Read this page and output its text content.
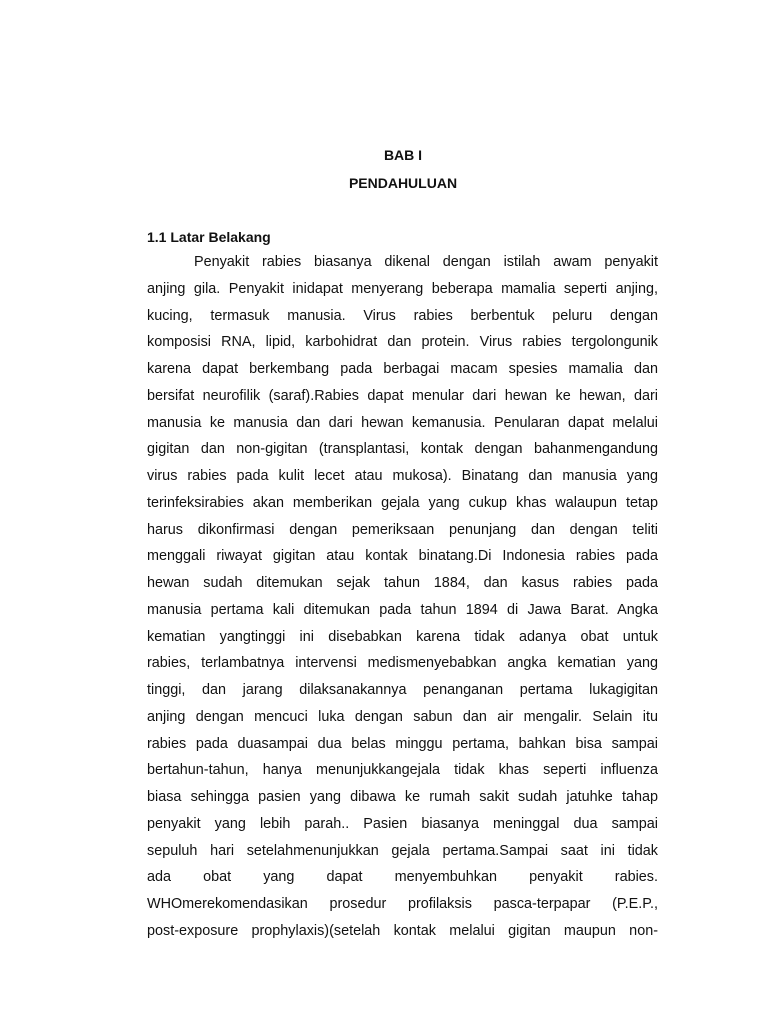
BAB I
PENDAHULUAN
1.1 Latar Belakang
Penyakit rabies biasanya dikenal dengan istilah awam penyakit
anjing gila. Penyakit inidapat menyerang beberapa mamalia seperti anjing,
kucing, termasuk manusia. Virus rabies berbentuk peluru dengan
komposisi RNA, lipid, karbohidrat dan protein. Virus rabies tergolongunik
karena dapat berkembang pada berbagai macam spesies mamalia dan
bersifat neurofilik (saraf).Rabies dapat menular dari hewan ke hewan, dari
manusia ke manusia dan dari hewan kemanusia. Penularan dapat melalui
gigitan dan non-gigitan (transplantasi, kontak dengan bahanmengandung
virus rabies pada kulit lecet atau mukosa). Binatang dan manusia yang
terinfeksirabies akan memberikan gejala yang cukup khas walaupun tetap
harus dikonfirmasi dengan pemeriksaan penunjang dan dengan teliti
menggali riwayat gigitan atau kontak binatang.Di Indonesia rabies pada
hewan sudah ditemukan sejak tahun 1884, dan kasus rabies pada
manusia pertama kali ditemukan pada tahun 1894 di Jawa Barat. Angka
kematian yangtinggi ini disebabkan karena tidak adanya obat untuk
rabies, terlambatnya intervensi medismenyebabkan angka kematian yang
tinggi, dan jarang dilaksanakannya penanganan pertama lukagigitan
anjing dengan mencuci luka dengan sabun dan air mengalir. Selain itu
rabies pada duasampai dua belas minggu pertama, bahkan bisa sampai
bertahun-tahun, hanya menunjukkangejala tidak khas seperti influenza
biasa sehingga pasien yang dibawa ke rumah sakit sudah jatuhke tahap
penyakit yang lebih parah.. Pasien biasanya meninggal dua sampai
sepuluh hari setelahmenunjukkan gejala pertama.Sampai saat ini tidak
ada obat yang dapat menyembuhkan penyakit rabies.
WHOmerekomendasikan prosedur profilaksis pasca-terpapar (P.E.P.,
post-exposure prophylaxis)(setelah kontak melalui gigitan maupun non-
